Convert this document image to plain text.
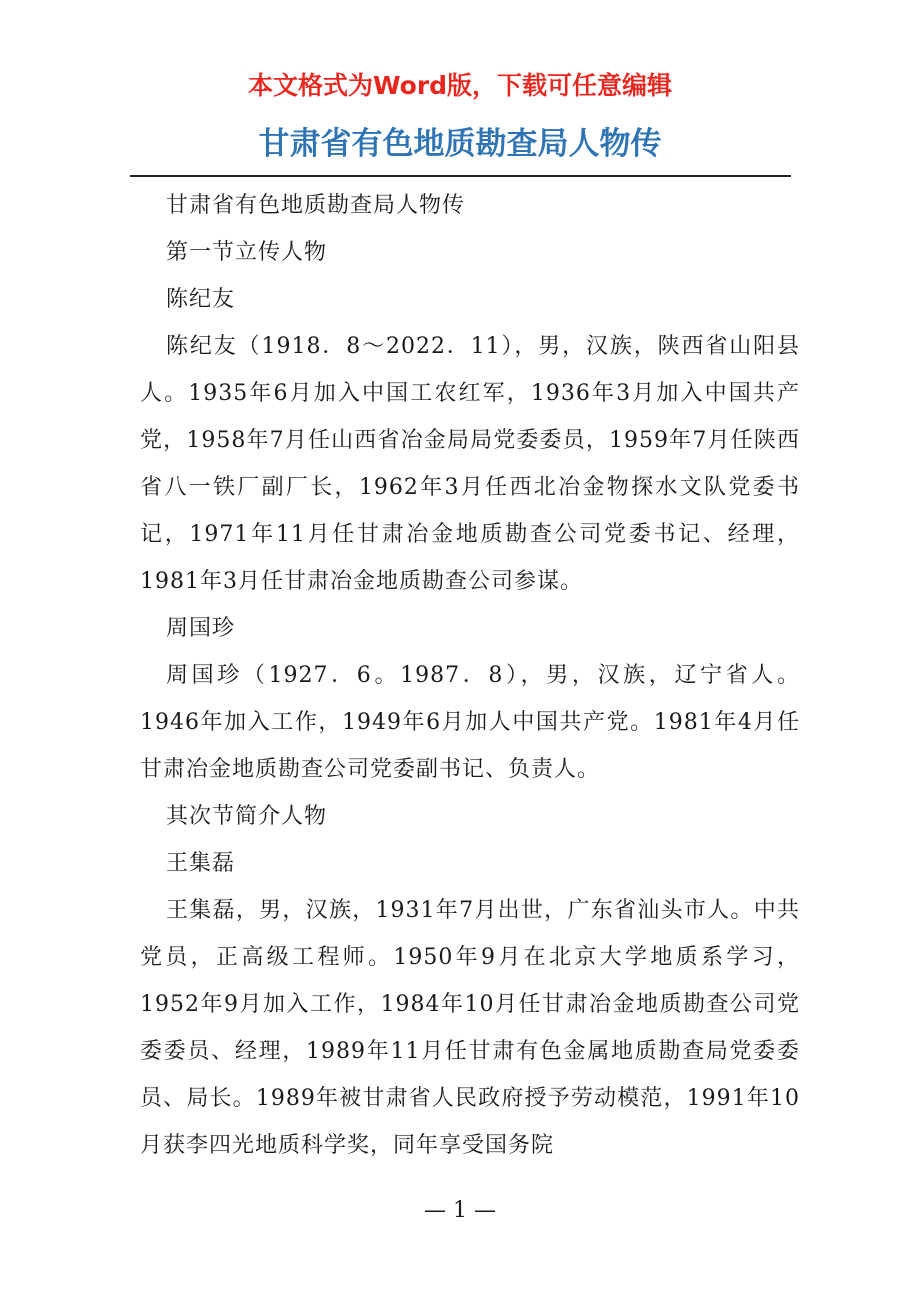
本文格式为Word版，下载可任意编辑
甘肃省有色地质勘查局人物传

甘肃省有色地质勘查局人物传

第一节立传人物

陈纪友

陈纪友（1918．8～2022．11），男，汉族，陕西省山阳县人。1935年6月加入中国工农红军，1936年3月加入中国共产党，1958年7月任山西省冶金局局党委委员，1959年7月任陕西省八一铁厂副厂长，1962年3月任西北冶金物探水文队党委书记，1971年11月任甘肃冶金地质勘查公司党委书记、经理，1981年3月任甘肃冶金地质勘查公司参谋。

周国珍

周国珍（1927．6。1987．8），男，汉族，辽宁省人。1946年加入工作，1949年6月加人中国共产党。1981年4月任甘肃冶金地质勘查公司党委副书记、负责人。

其次节简介人物

王集磊

王集磊，男，汉族，1931年7月出世，广东省汕头市人。中共党员，正高级工程师。1950年9月在北京大学地质系学习，1952年9月加入工作，1984年10月任甘肃冶金地质勘查公司党委委员、经理，1989年11月任甘肃有色金属地质勘查局党委委员、局长。1989年被甘肃省人民政府授予劳动模范，1991年10月获李四光地质科学奖，同年享受国务院

— 1 —
